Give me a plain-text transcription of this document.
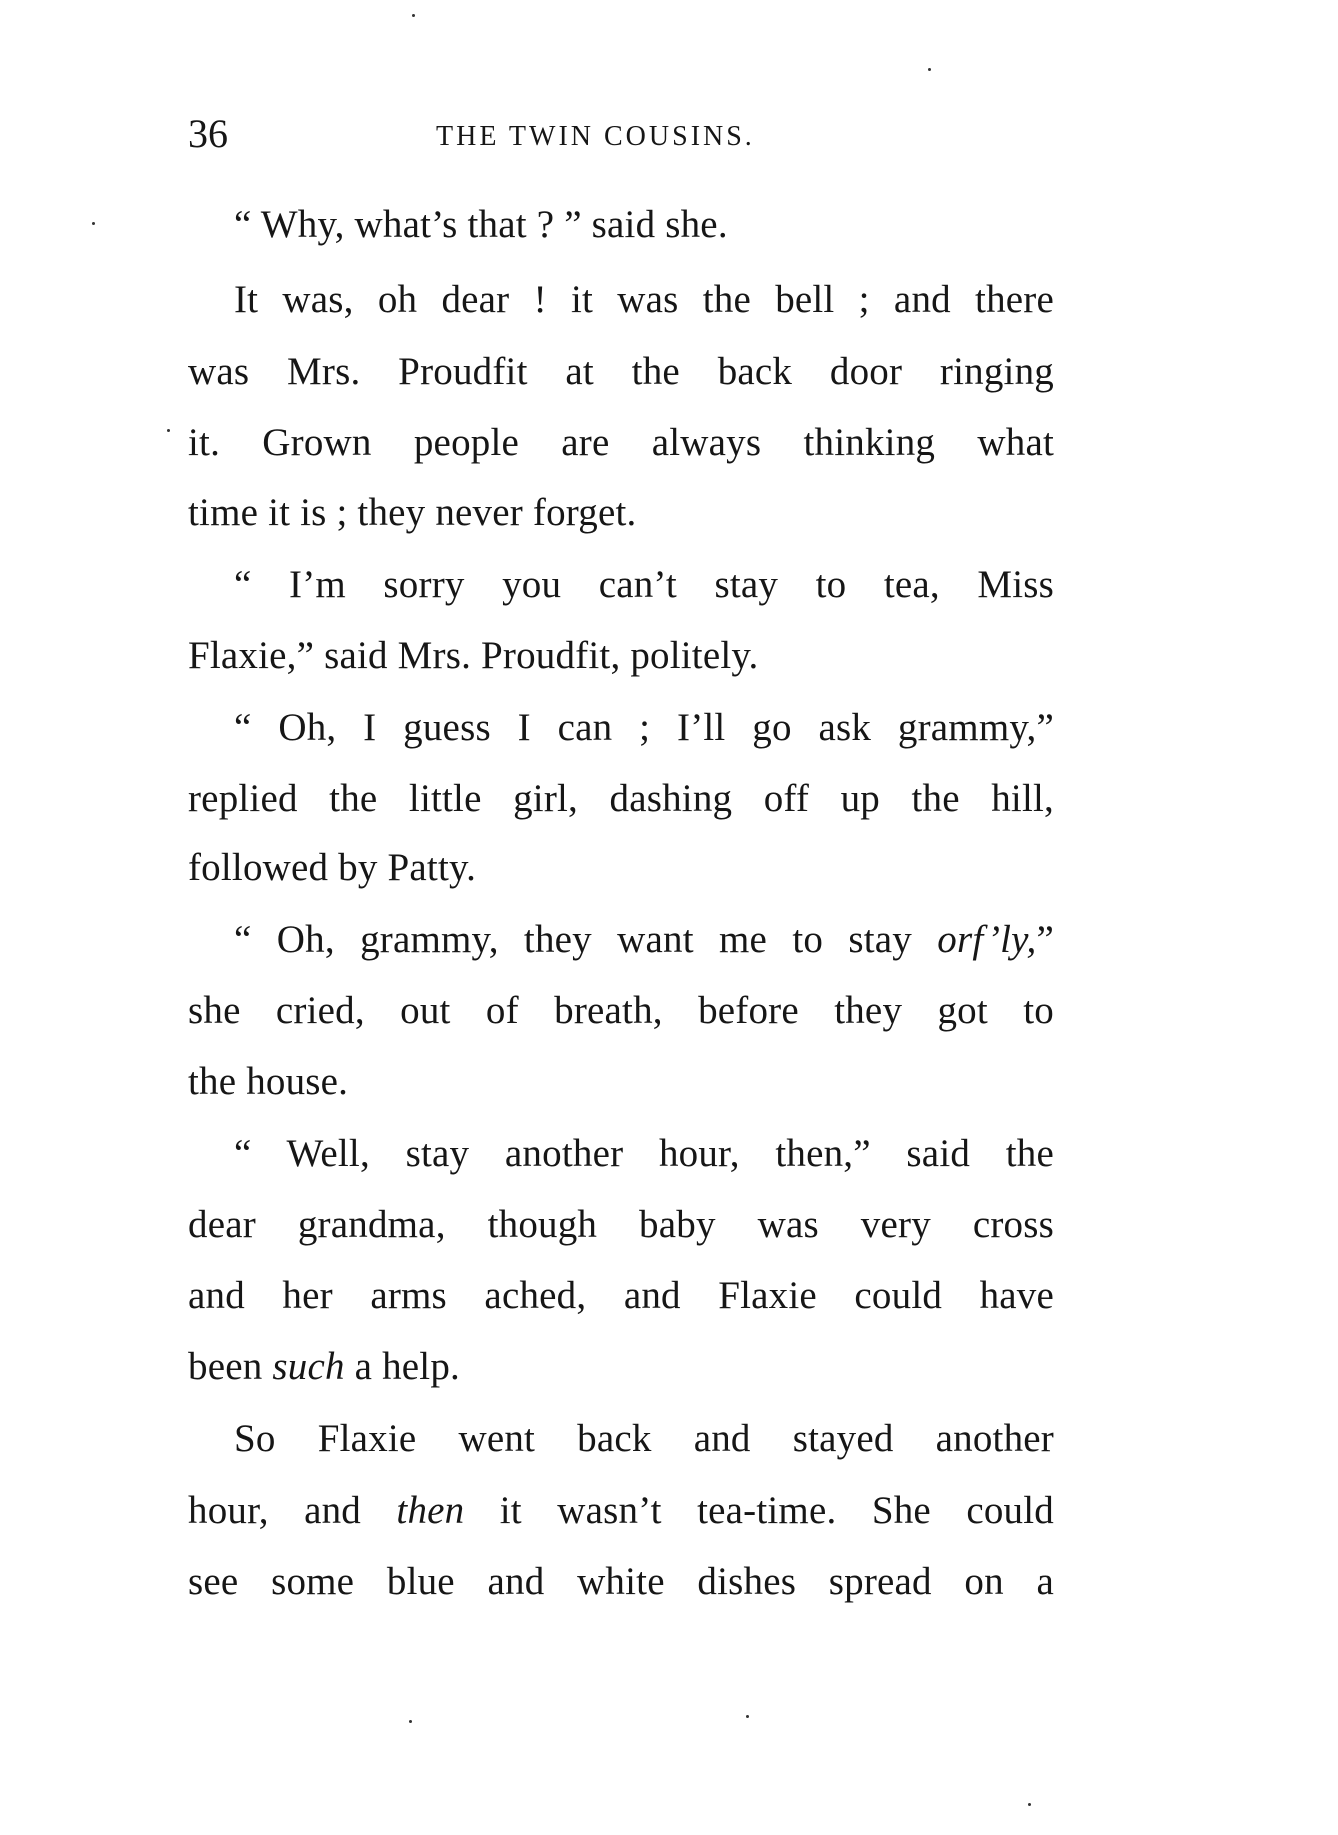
36	THE TWIN COUSINS.
“ Why, what’s that ? ” said she.
It was, oh dear ! it was the bell ; and there
was Mrs. Proudfit at the back door ringing
it. Grown people are always thinking what
time it is ; they never forget.
“ I’m sorry you can’t stay to tea, Miss
Flaxie,” said Mrs. Proudfit, politely.
“ Oh, I guess I can ; I’ll go ask grammy,”
replied the little girl, dashing off up the hill,
followed by Patty.
“ Oh, grammy, they want me to stay orf’ly,”
she cried, out of breath, before they got to
the house.
“ Well, stay another hour, then,” said the
dear grandma, though baby was very cross
and her arms ached, and Flaxie could have
been such a help.
So Flaxie went back and stayed another
hour, and then it wasn’t tea-time. She could
see some blue and white dishes spread on a
